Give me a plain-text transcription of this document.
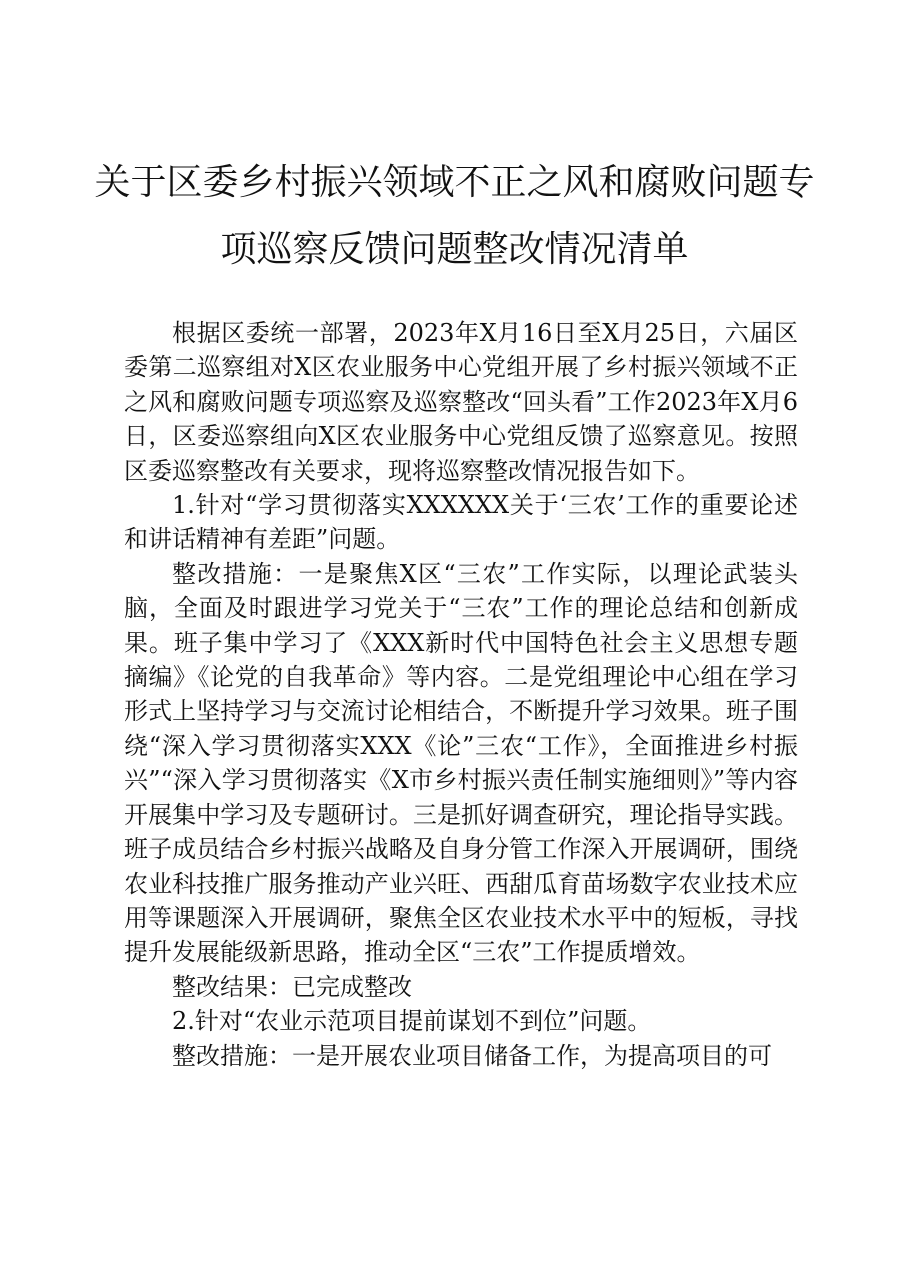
关于区委乡村振兴领域不正之风和腐败问题专
项巡察反馈问题整改情况清单

根据区委统一部署，2023年X月16日至X月25日，六届区委第二巡察组对X区农业服务中心党组开展了乡村振兴领域不正之风和腐败问题专项巡察及巡察整改“回头看”工作2023年X月6日，区委巡察组向X区农业服务中心党组反馈了巡察意见。按照区委巡察整改有关要求，现将巡察整改情况报告如下。

1.针对“学习贯彻落实XXXXXX关于‘三农’工作的重要论述和讲话精神有差距”问题。

整改措施：一是聚焦X区“三农”工作实际，以理论武装头脑，全面及时跟进学习党关于“三农”工作的理论总结和创新成果。班子集中学习了《XXX新时代中国特色社会主义思想专题摘编》《论党的自我革命》等内容。二是党组理论中心组在学习形式上坚持学习与交流讨论相结合，不断提升学习效果。班子围绕“深入学习贯彻落实XXX《论”三农“工作》，全面推进乡村振兴”“深入学习贯彻落实《X市乡村振兴责任制实施细则》”等内容开展集中学习及专题研讨。三是抓好调查研究，理论指导实践。班子成员结合乡村振兴战略及自身分管工作深入开展调研，围绕农业科技推广服务推动产业兴旺、西甜瓜育苗场数字农业技术应用等课题深入开展调研，聚焦全区农业技术水平中的短板，寻找提升发展能级新思路，推动全区“三农”工作提质增效。

整改结果：已完成整改

2.针对“农业示范项目提前谋划不到位”问题。

整改措施：一是开展农业项目储备工作，为提高项目的可
